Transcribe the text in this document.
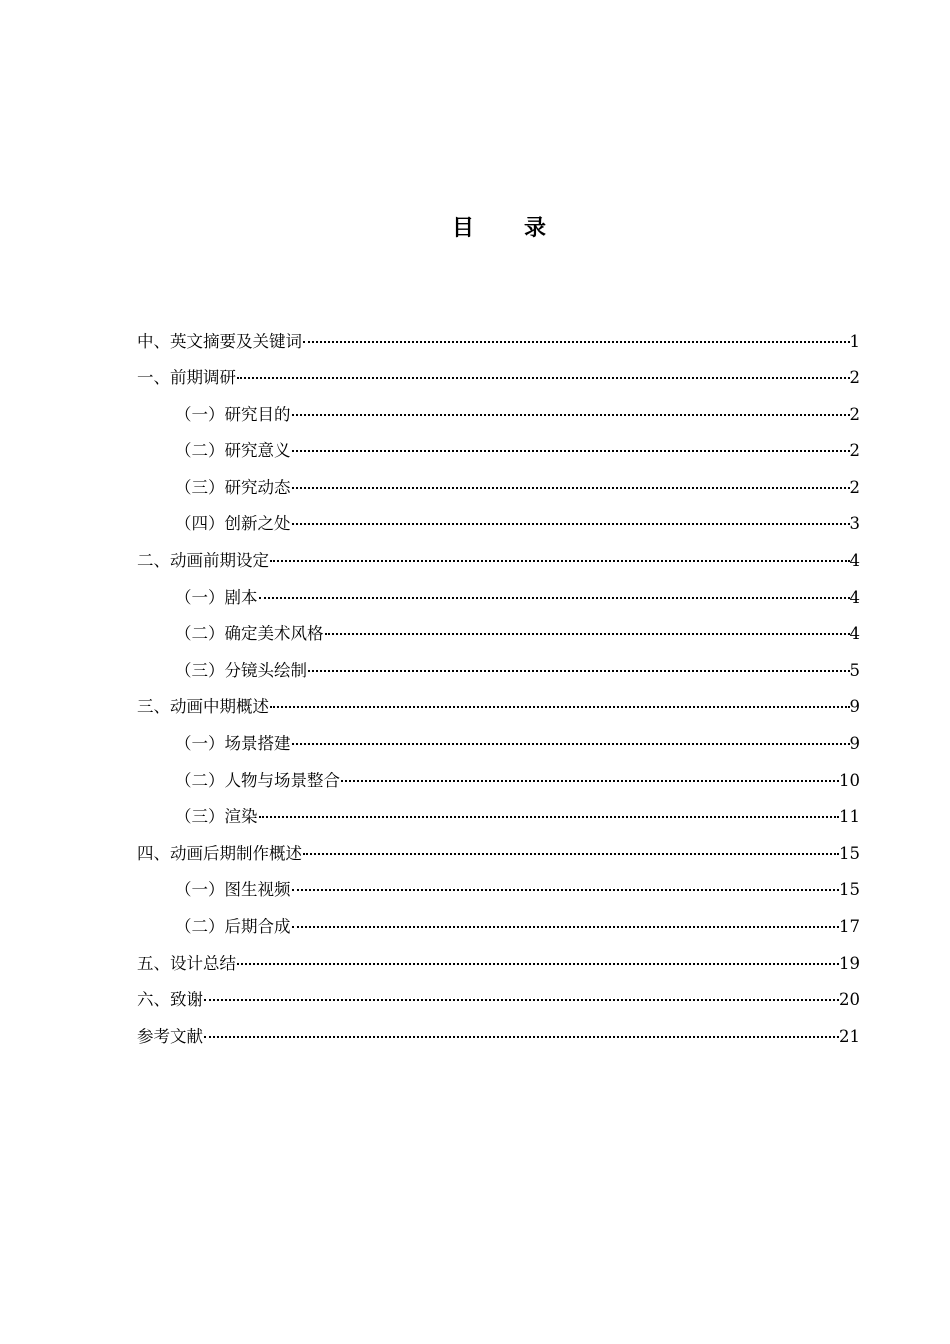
目 录
中、英文摘要及关键词	1
一、前期调研	2
（一）研究目的	2
（二）研究意义	2
（三）研究动态	2
（四）创新之处	3
二、动画前期设定	4
（一）剧本	4
（二）确定美术风格	4
（三）分镜头绘制	5
三、动画中期概述	9
（一）场景搭建	9
（二）人物与场景整合	10
（三）渲染	11
四、动画后期制作概述	15
（一）图生视频	15
（二）后期合成	17
五、设计总结	19
六、致谢	20
参考文献	21
